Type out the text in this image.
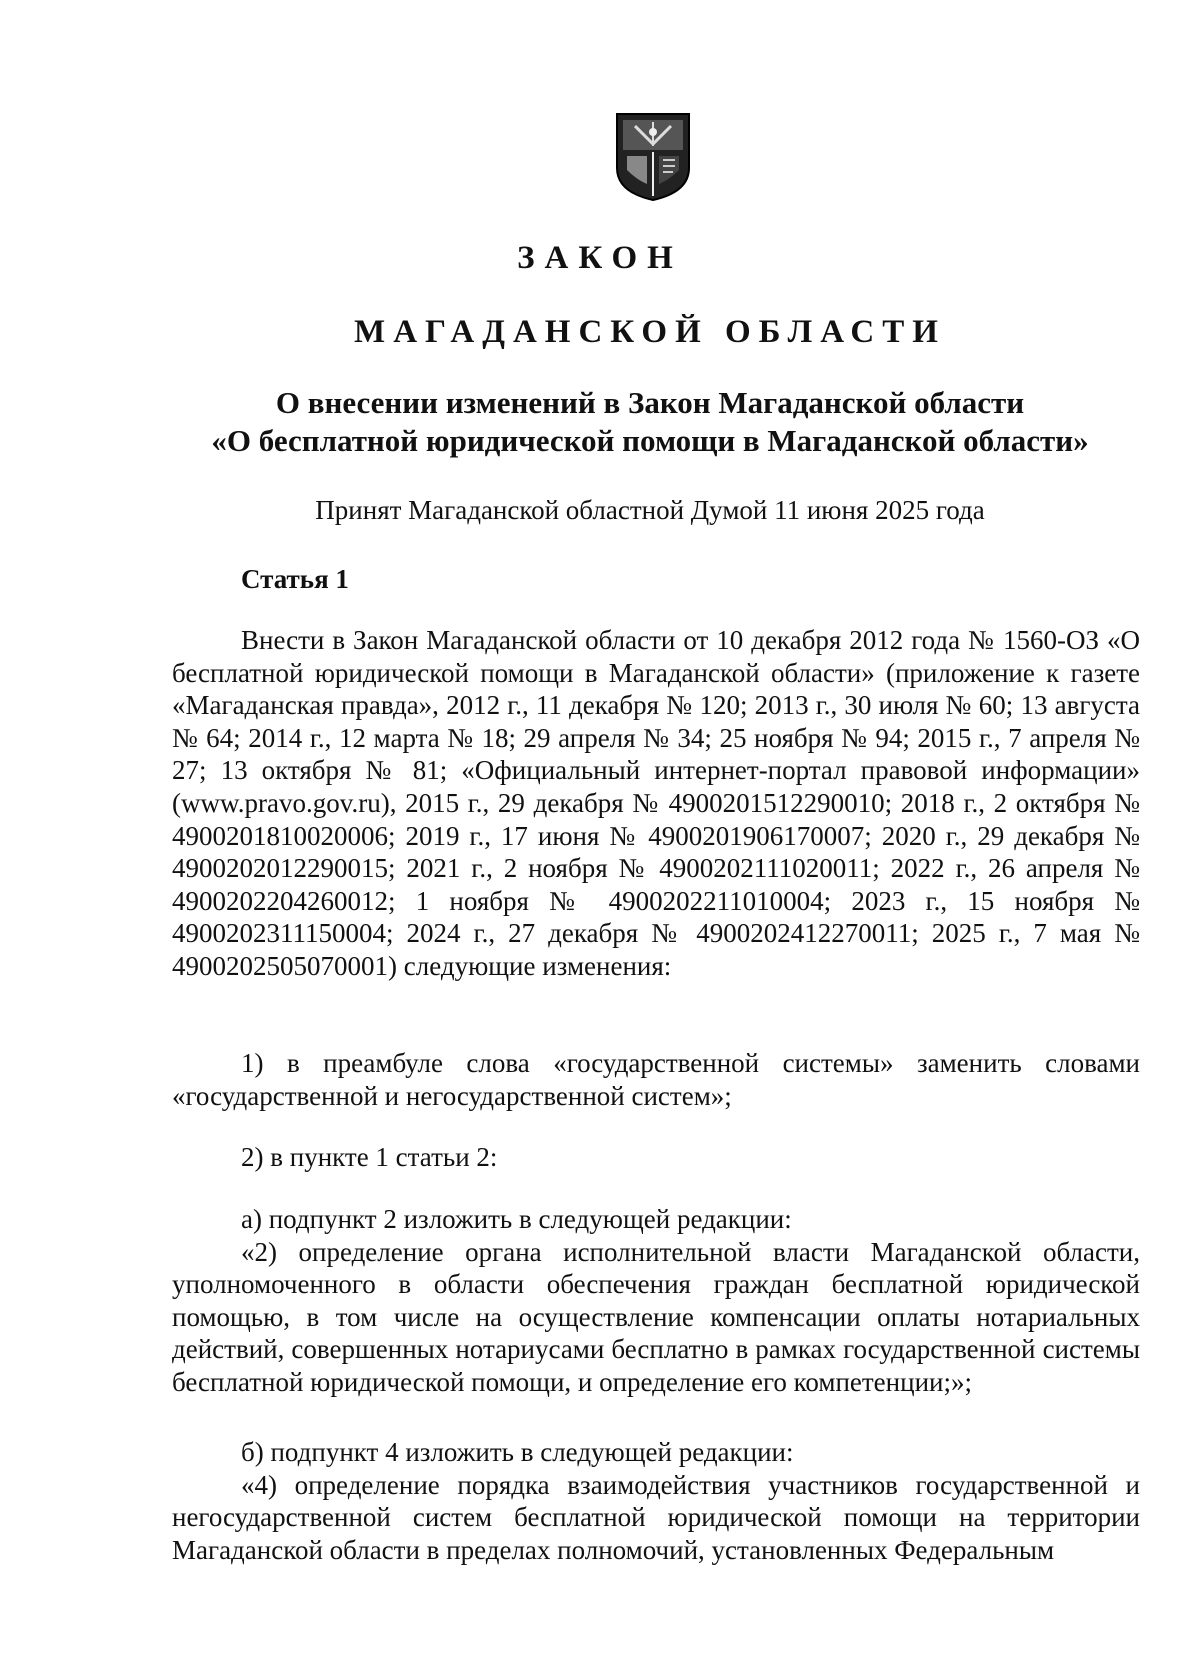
ЗАКОН
МАГАДАНСКОЙ ОБЛАСТИ
О внесении изменений в Закон Магаданской области
«О бесплатной юридической помощи в Магаданской области»
Принят Магаданской областной Думой 11 июня 2025 года
Статья 1

Внести в Закон Магаданской области от 10 декабря 2012 года № 1560-ОЗ «О бесплатной юридической помощи в Магаданской области» (приложение к газете «Магаданская правда», 2012 г., 11 декабря № 120; 2013 г., 30 июля № 60; 13 августа № 64; 2014 г., 12 марта № 18; 29 апреля № 34; 25 ноября № 94; 2015 г., 7 апреля № 27; 13 октября № 81; «Официальный интернет-портал правовой информации» (www.pravo.gov.ru), 2015 г., 29 декабря № 4900201512290010; 2018 г., 2 октября № 4900201810020006; 2019 г., 17 июня № 4900201906170007; 2020 г., 29 декабря № 4900202012290015; 2021 г., 2 ноября № 4900202111020011; 2022 г., 26 апреля № 4900202204260012; 1 ноября № 4900202211010004; 2023 г., 15 ноября № 4900202311150004; 2024 г., 27 декабря № 4900202412270011; 2025 г., 7 мая № 4900202505070001) следующие изменения:

1) в преамбуле слова «государственной системы» заменить словами «государственной и негосударственной систем»;

2) в пункте 1 статьи 2:

а) подпункт 2 изложить в следующей редакции:

«2) определение органа исполнительной власти Магаданской области, уполномоченного в области обеспечения граждан бесплатной юридической помощью, в том числе на осуществление компенсации оплаты нотариальных действий, совершенных нотариусами бесплатно в рамках государственной системы бесплатной юридической помощи, и определение его компетенции;»;

б) подпункт 4 изложить в следующей редакции:

«4) определение порядка взаимодействия участников государственной и негосударственной систем бесплатной юридической помощи на территории Магаданской области в пределах полномочий, установленных Федеральным
